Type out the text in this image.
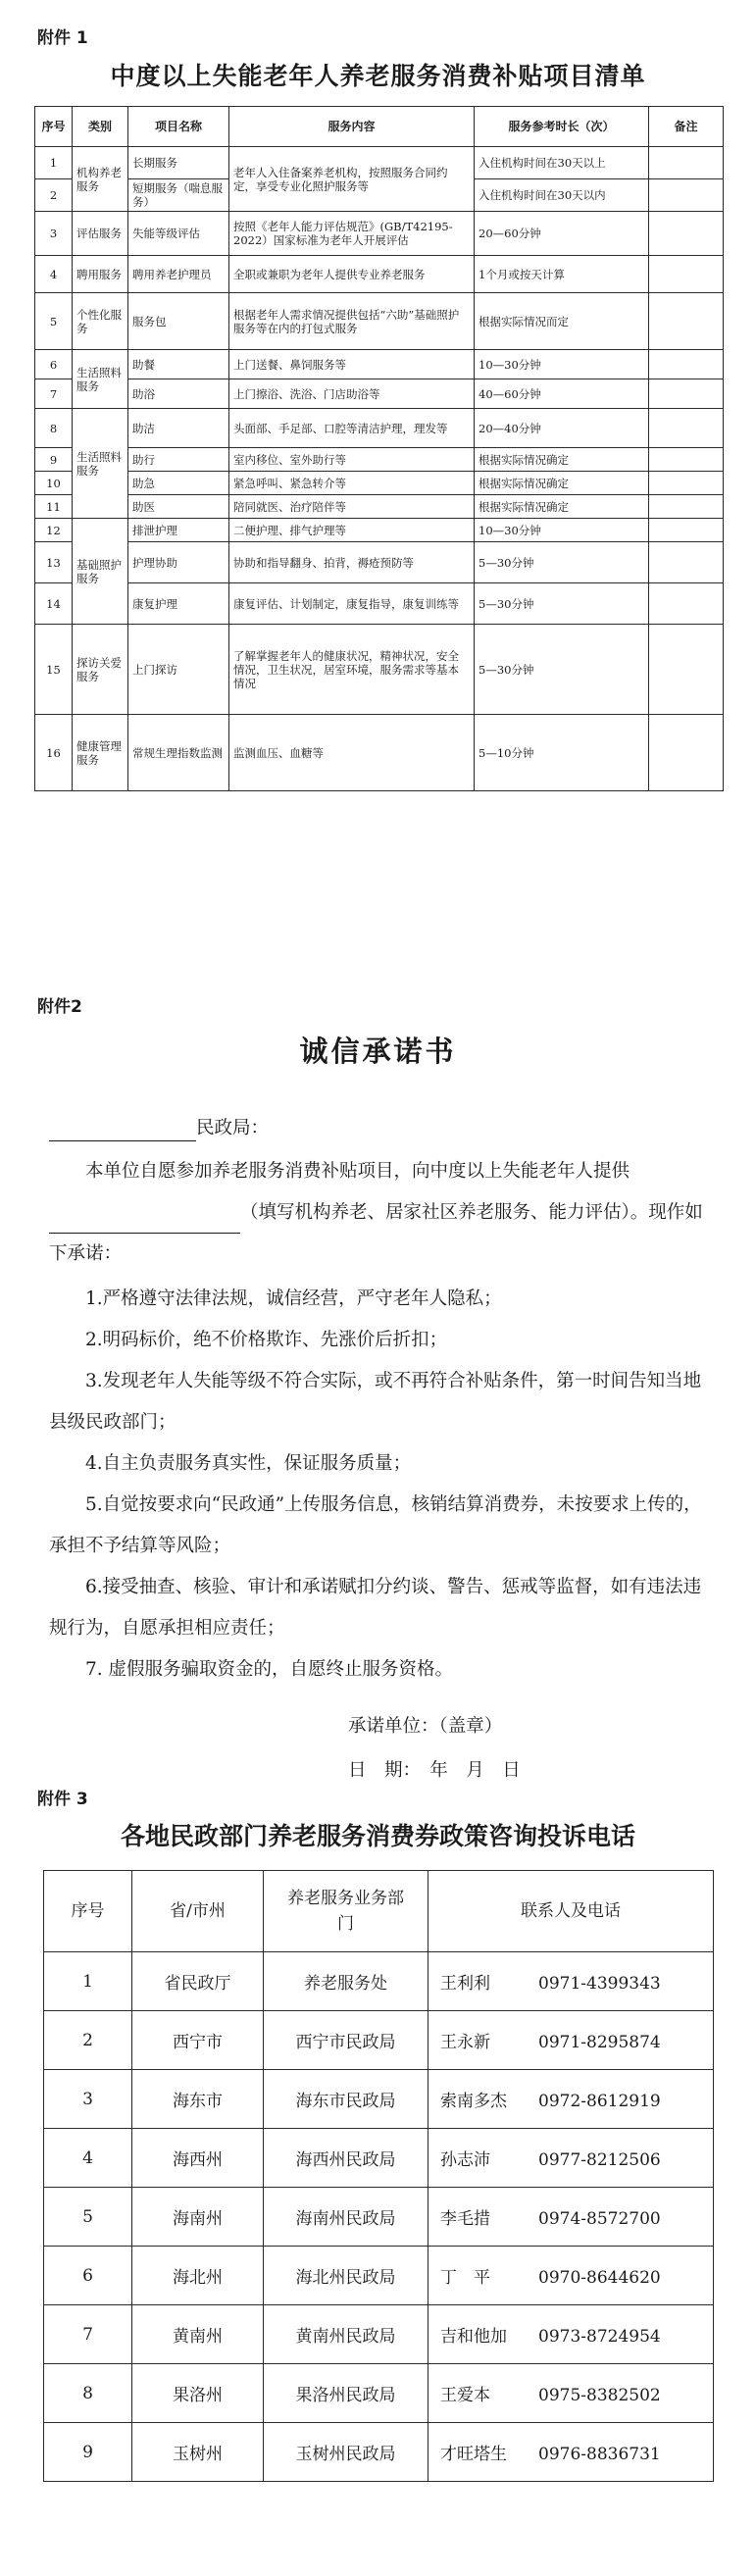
附件 1
中度以上失能老年人养老服务消费补贴项目清单
序号	类别	项目名称	服务内容	服务参考时长（次）	备注
1	机构养老服务	长期服务	老年人入住备案养老机构，按照服务合同约定，享受专业化照护服务等	入住机构时间在30天以上	
2		短期服务（喘息服务）		入住机构时间在30天以内	
3	评估服务	失能等级评估	按照《老年人能力评估规范》(GB/T42195-2022）国家标准为老年人开展评估	20—60分钟	
4	聘用服务	聘用养老护理员	全职或兼职为老年人提供专业养老服务	1个月或按天计算	
5	个性化服务	服务包	根据老年人需求情况提供包括“六助”基础照护服务等在内的打包式服务	根据实际情况而定	
6	生活照料服务	助餐	上门送餐、鼻饲服务等	10—30分钟	
7		助浴	上门擦浴、洗浴、门店助浴等	40—60分钟	
8	生活照料服务	助洁	头面部、手足部、口腔等清洁护理，理发等	20—40分钟	
9		助行	室内移位、室外助行等	根据实际情况确定	
10		助急	紧急呼叫、紧急转介等	根据实际情况确定	
11		助医	陪同就医、治疗陪伴等	根据实际情况确定	
12	基础照护服务	排泄护理	二便护理、排气护理等	10—30分钟	
13		护理协助	协助和指导翻身、拍背，褥疮预防等	5—30分钟	
14		康复护理	康复评估、计划制定，康复指导，康复训练等	5—30分钟	
15	探访关爱服务	上门探访	了解掌握老年人的健康状况，精神状况，安全情况，卫生状况，居室环境，服务需求等基本情况	5—30分钟	
16	健康管理服务	常规生理指数监测	监测血压、血糖等	5—10分钟	
附件2
诚信承诺书

民政局：

本单位自愿参加养老服务消费补贴项目，向中度以上失能老年人提供（填写机构养老、居家社区养老服务、能力评估）。现作如下承诺：

1.严格遵守法律法规，诚信经营，严守老年人隐私；

2.明码标价，绝不价格欺诈、先涨价后折扣；

3.发现老年人失能等级不符合实际，或不再符合补贴条件，第一时间告知当地县级民政部门；

4.自主负责服务真实性，保证服务质量；

5.自觉按要求向“民政通”上传服务信息，核销结算消费券，未按要求上传的，承担不予结算等风险；

6.接受抽查、核验、审计和承诺赋扣分约谈、警告、惩戒等监督，如有违法违规行为，自愿承担相应责任；

7. 虚假服务骗取资金的，自愿终止服务资格。

承诺单位：（盖章）
日　期：　年　月　日
附件 3
各地民政部门养老服务消费券政策咨询投诉电话
序号	省/市州	养老服务业务部门	联系人及电话
1	省民政厅	养老服务处	王利利 0971-4399343
2	西宁市	西宁市民政局	王永新 0971-8295874
3	海东市	海东市民政局	索南多杰 0972-8612919
4	海西州	海西州民政局	孙志沛 0977-8212506
5	海南州	海南州民政局	李毛措 0974-8572700
6	海北州	海北州民政局	丁　平 0970-8644620
7	黄南州	黄南州民政局	吉和他加 0973-8724954
8	果洛州	果洛州民政局	王爱本 0975-8382502
9	玉树州	玉树州民政局	才旺塔生 0976-8836731
